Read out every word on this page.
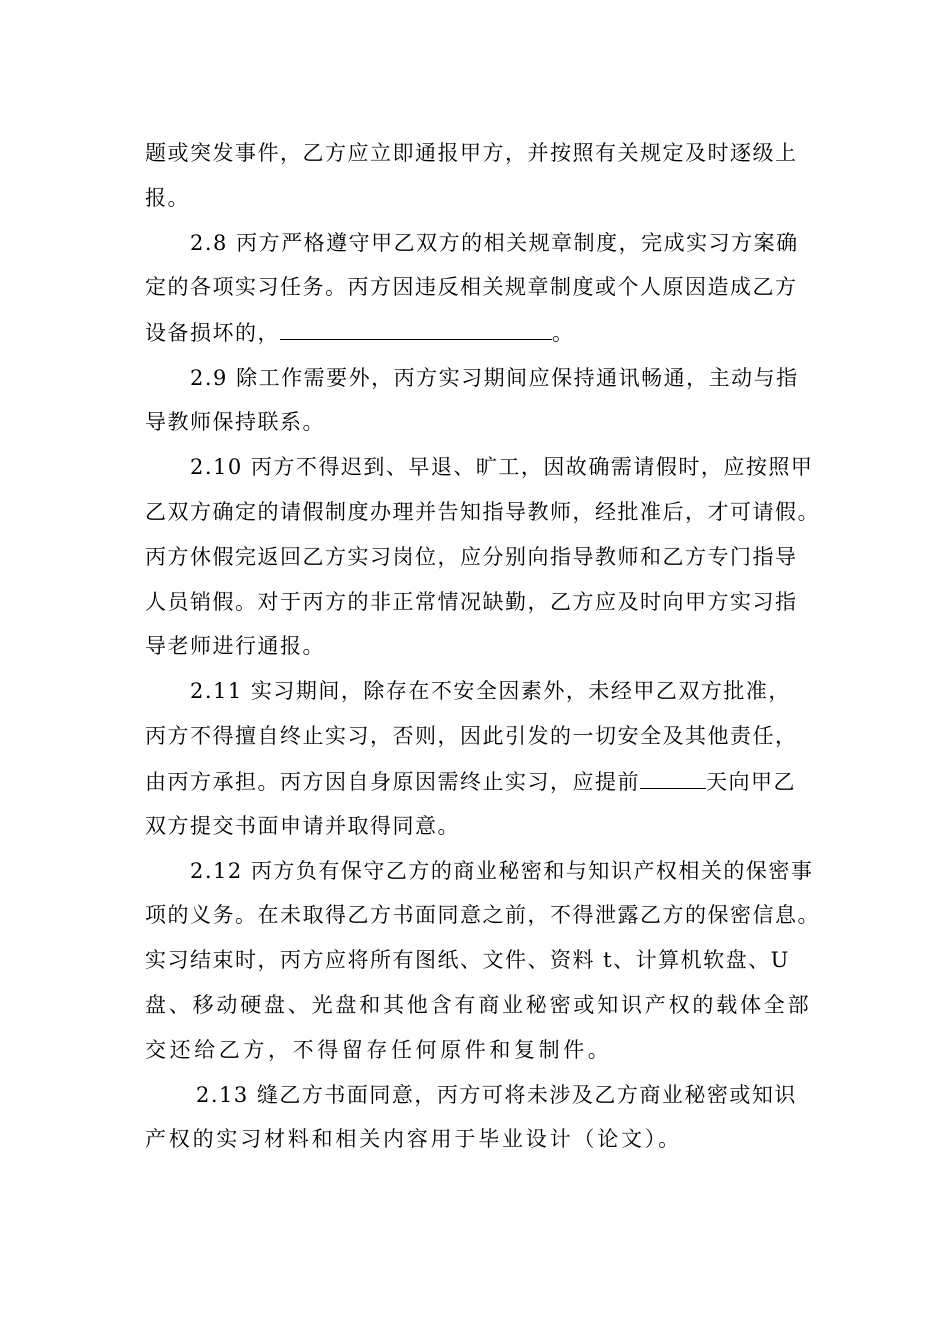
题或突发事件，乙方应立即通报甲方，并按照有关规定及时逐级上
报。
2.8 丙方严格遵守甲乙双方的相关规章制度，完成实习方案确
定的各项实习任务。丙方因违反相关规章制度或个人原因造成乙方
设备损坏的，	。
2.9 除工作需要外，丙方实习期间应保持通讯畅通，主动与指
导教师保持联系。
2.10 丙方不得迟到、早退、旷工，因故确需请假时，应按照甲
乙双方确定的请假制度办理并告知指导教师，经批准后，才可请假。
丙方休假完返回乙方实习岗位，应分别向指导教师和乙方专门指导
人员销假。对于丙方的非正常情况缺勤，乙方应及时向甲方实习指
导老师进行通报。
2.11 实习期间，除存在不安全因素外，未经甲乙双方批准，
丙方不得擅自终止实习，否则，因此引发的一切安全及其他责任，
由丙方承担。丙方因自身原因需终止实习，应提前	天向甲乙
双方提交书面申请并取得同意。
2.12 丙方负有保守乙方的商业秘密和与知识产权相关的保密事
项的义务。在未取得乙方书面同意之前，不得泄露乙方的保密信息。
实习结束时，丙方应将所有图纸、文件、资料 t、计算机软盘、U
盘、移动硬盘、光盘和其他含有商业秘密或知识产权的载体全部
交还给乙方，不得留存任何原件和复制件。
2.13 缝乙方书面同意，丙方可将未涉及乙方商业秘密或知识
产权的实习材料和相关内容用于毕业设计（论文）。
